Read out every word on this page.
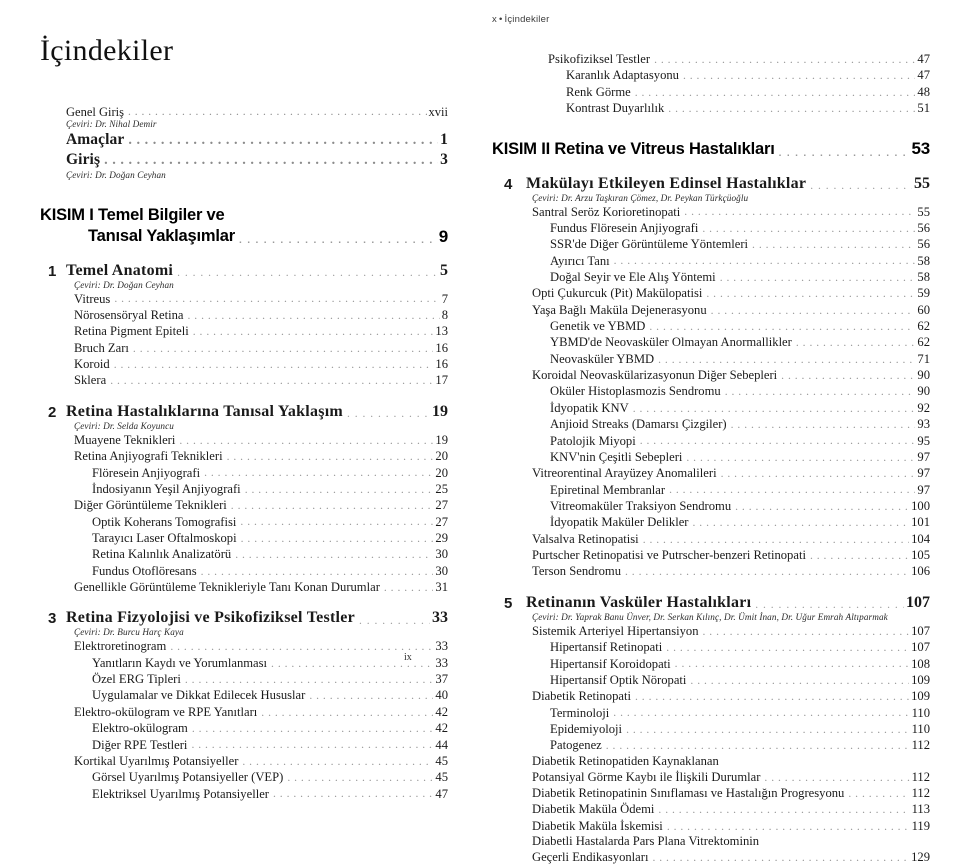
İçindekiler
Genel Giriş . . .	xvii
Çeviri: Dr. Nihal Demir
Amaçlar . . .	1
Giriş . . .	3
Çeviri: Dr. Doğan Ceyhan
KISIM I Temel Bilgiler ve
Tanısal Yaklaşımlar . . .	9
1 Temel Anatomi . . .	5
Çeviri: Dr. Doğan Ceyhan
Vitreus . . .	7
Nörosensöryal Retina . . .	8
Retina Pigment Epiteli . . .	13
Bruch Zarı . . .	16
Koroid . . .	16
Sklera . . .	17
2 Retina Hastalıklarına Tanısal Yaklaşım . . .	19
Çeviri: Dr. Selda Koyuncu
Muayene Teknikleri . . .	19
Retina Anjiyografi Teknikleri . . .	20
Flöresein Anjiyografi . . .	20
İndosiyanın Yeşil Anjiyografi . . .	25
Diğer Görüntüleme Teknikleri . . .	27
Optik Koherans Tomografisi . . .	27
Tarayıcı Laser Oftalmoskopi . . .	29
Retina Kalınlık Analizatörü . . .	30
Fundus Otoflöresans . . .	30
Genellikle Görüntüleme Teknikleriyle Tanı Konan Durumlar . . .	31
3 Retina Fizyolojisi ve Psikofiziksel Testler . . .	33
Çeviri: Dr. Burcu Harç Kaya
Elektroretinogram . . .	33
Yanıtların Kaydı ve Yorumlanması . . .	33
Özel ERG Tipleri . . .	37
Uygulamalar ve Dikkat Edilecek Hususlar . . .	40
Elektro-okülogram ve RPE Yanıtları . . .	42
Elektro-okülogram . . .	42
Diğer RPE Testleri . . .	44
Kortikal Uyarılmış Potansiyeller . . .	45
Görsel Uyarılmış Potansiyeller (VEP) . . .	45
Elektriksel Uyarılmış Potansiyeller . . .	47
ix
x • İçindekiler
Psikofiziksel Testler . . .	47
Karanlık Adaptasyonu . . .	47
Renk Görme . . .	48
Kontrast Duyarlılık . . .	51
KISIM II Retina ve Vitreus Hastalıkları . . .	53
4 Makülayı Etkileyen Edinsel Hastalıklar . . .	55
Çeviri: Dr. Arzu Taşkıran Çömez, Dr. Peykan Türkçüoğlu
Santral Seröz Korioretinopati . . .	55
Fundus Flöresein Anjiyografi . . .	56
SSR'de Diğer Görüntüleme Yöntemleri . . .	56
Ayırıcı Tanı . . .	58
Doğal Seyir ve Ele Alış Yöntemi . . .	58
Opti Çukurcuk (Pit) Makülopatisi . . .	59
Yaşa Bağlı Maküla Dejenerasyonu . . .	60
Genetik ve YBMD . . .	62
YBMD'de Neovasküler Olmayan Anormallikler . . .	62
Neovasküler YBMD . . .	71
Koroidal Neovaskülarizasyonun Diğer Sebepleri . . .	90
Oküler Histoplasmozis Sendromu . . .	90
İdyopatik KNV . . .	92
Anjioid Streaks (Damarsı Çizgiler) . . .	93
Patolojik Miyopi . . .	95
KNV'nin Çeşitli Sebepleri . . .	97
Vitreorentinal Arayüzey Anomalileri . . .	97
Epiretinal Membranlar . . .	97
Vitreomaküler Traksiyon Sendromu . . .	100
İdyopatik Maküler Delikler . . .	101
Valsalva Retinopatisi . . .	104
Purtscher Retinopatisi ve Putrscher-benzeri Retinopati . . .	105
Terson Sendromu . . .	106
5 Retinanın Vasküler Hastalıkları . . .	107
Çeviri: Dr. Yaprak Banu Ünver, Dr. Serkan Kılınç, Dr. Ümit İnan, Dr. Uğur Emrah Altıparmak
Sistemik Arteriyel Hipertansiyon . . .	107
Hipertansif Retinopati . . .	107
Hipertansif Koroidopati . . .	108
Hipertansif Optik Nöropati . . .	109
Diabetik Retinopati . . .	109
Terminoloji . . .	110
Epidemiyoloji . . .	110
Patogenez . . .	112
Diabetik Retinopatiden Kaynaklanan
Potansiyal Görme Kaybı ile İlişkili Durumlar . . .	112
Diabetik Retinopatinin Sınıflaması ve Hastalığın Progresyonu . . .	112
Diabetik Maküla Ödemi . . .	113
Diabetik Maküla İskemisi . . .	119
Diabetli Hastalarda Pars Plana Vitrektominin
Geçerli Endikasyonları . . .	129
